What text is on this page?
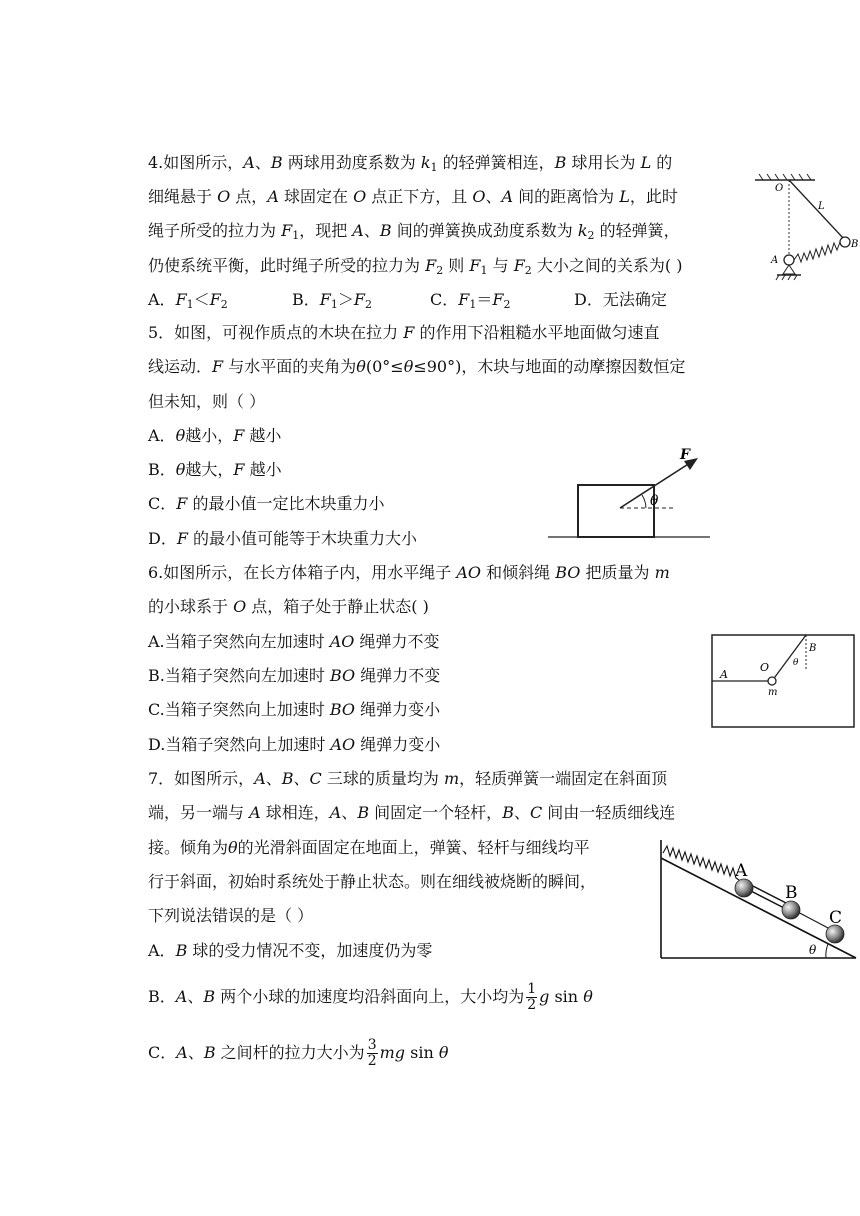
4.如图所示，A、B 两球用劲度系数为 $k_1$ 的轻弹簧相连，B 球用长为 L 的
细绳悬于 O 点，A 球固定在 O 点正下方，且 O、A 间的距离恰为 L，此时
绳子所受的拉力为 $F_1$，现把 A、B 间的弹簧换成劲度系数为 $k_2$ 的轻弹簧，
仍使系统平衡，此时绳子所受的拉力为 $F_2$ 则 $F_1$ 与 $F_2$ 大小之间的关系为( )
A．$F_1<F_2$	B．$F_1>F_2$	C．$F_1=F_2$	D．无法确定
O
L
B
A
5．如图，可视作质点的木块在拉力 F 的作用下沿粗糙水平地面做匀速直
线运动．F 与水平面的夹角为θ(0°≤θ≤90°)，木块与地面的动摩擦因数恒定
但未知，则（ ）
A．θ越小，F 越小
B．θ越大，F 越小
C．F 的最小值一定比木块重力小
D．F 的最小值可能等于木块重力大小
F
θ
6.如图所示，在长方体箱子内，用水平绳子 AO 和倾斜绳 BO 把质量为 m
的小球系于 O 点，箱子处于静止状态( )
A.当箱子突然向左加速时 AO 绳弹力不变
B.当箱子突然向左加速时 BO 绳弹力不变
C.当箱子突然向上加速时 BO 绳弹力变小
D.当箱子突然向上加速时 AO 绳弹力变小
A
O
B
θ
m
7．如图所示，A、B、C 三球的质量均为 m，轻质弹簧一端固定在斜面顶
端，另一端与 A 球相连，A、B 间固定一个轻杆，B、C 间由一轻质细线连
接。倾角为θ的光滑斜面固定在地面上，弹簧、轻杆与细线均平
行于斜面，初始时系统处于静止状态。则在细线被烧断的瞬间，
下列说法错误的是（ ）
A．B 球的受力情况不变，加速度仍为零
B．A、B 两个小球的加速度均沿斜面向上，大小均为 $\frac{1}{2}$ g sin θ
C．A、B 之间杆的拉力大小为 $\frac{3}{2}$ mg sin θ
A
B
C
θ
